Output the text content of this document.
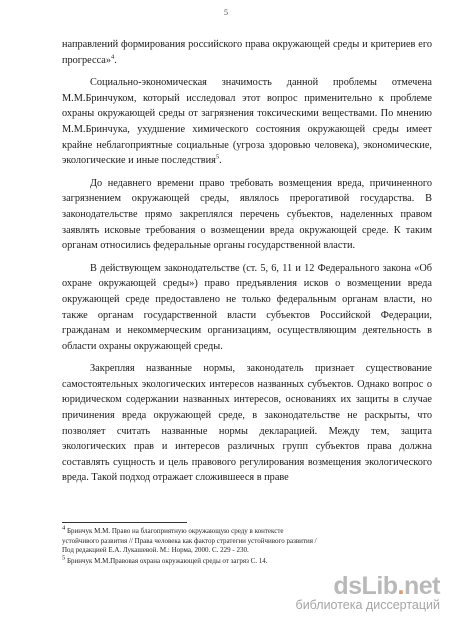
5

направлений формирования российского права окружающей среды и критериев его прогресса»$^4$.

Социально-экономическая значимость данной проблемы отмечена М.М.Бринчуком, который исследовал этот вопрос применительно к проблеме охраны окружающей среды от загрязнения токсическими веществами. По мнению М.М.Бринчука, ухудшение химического состояния окружающей среды имеет крайне неблагоприятные социальные (угроза здоровью человека), экономические, экологические и иные последствия$^5$.

До недавнего времени право требовать возмещения вреда, причиненного загрязнением окружающей среды, являлось прерогативой государства. В законодательстве прямо закреплялся перечень субъектов, наделенных правом заявлять исковые требования о возмещении вреда окружающей среде. К таким органам относились федеральные органы государственной власти.

В действующем законодательстве (ст. 5, 6, 11 и 12 Федерального закона «Об охране окружающей среды») право предъявления исков о возмещении вреда окружающей среде предоставлено не только федеральным органам власти, но также органам государственной власти субъектов Российской Федерации, гражданам и некоммерческим организациям, осуществляющим деятельность в области охраны окружающей среды.

Закрепляя названные нормы, законодатель признает существование самостоятельных экологических интересов названных субъектов. Однако вопрос о юридическом содержании названных интересов, основаниях их защиты в случае причинения вреда окружающей среде, в законодательстве не раскрыты, что позволяет считать названные нормы декларацией. Между тем, защита экологических прав и интересов различных групп субъектов права должна составлять сущность и цель правового регулирования возмещения экологического вреда. Такой подход отражает сложившееся в праве

$^4$ Бринчук М.М. Право на благоприятную окружающую среду в контексте устойчивого развития // Права человека как фактор стратегии устойчивого развития / Под редакцией Е.А. Лукашевой. М.: Норма, 2000. С. 229 - 230.
$^5$ Бринчук М.М.Правовая охрана окружающей среды от загряз С. 14.
dsLib.net
библиотека диссертаций
